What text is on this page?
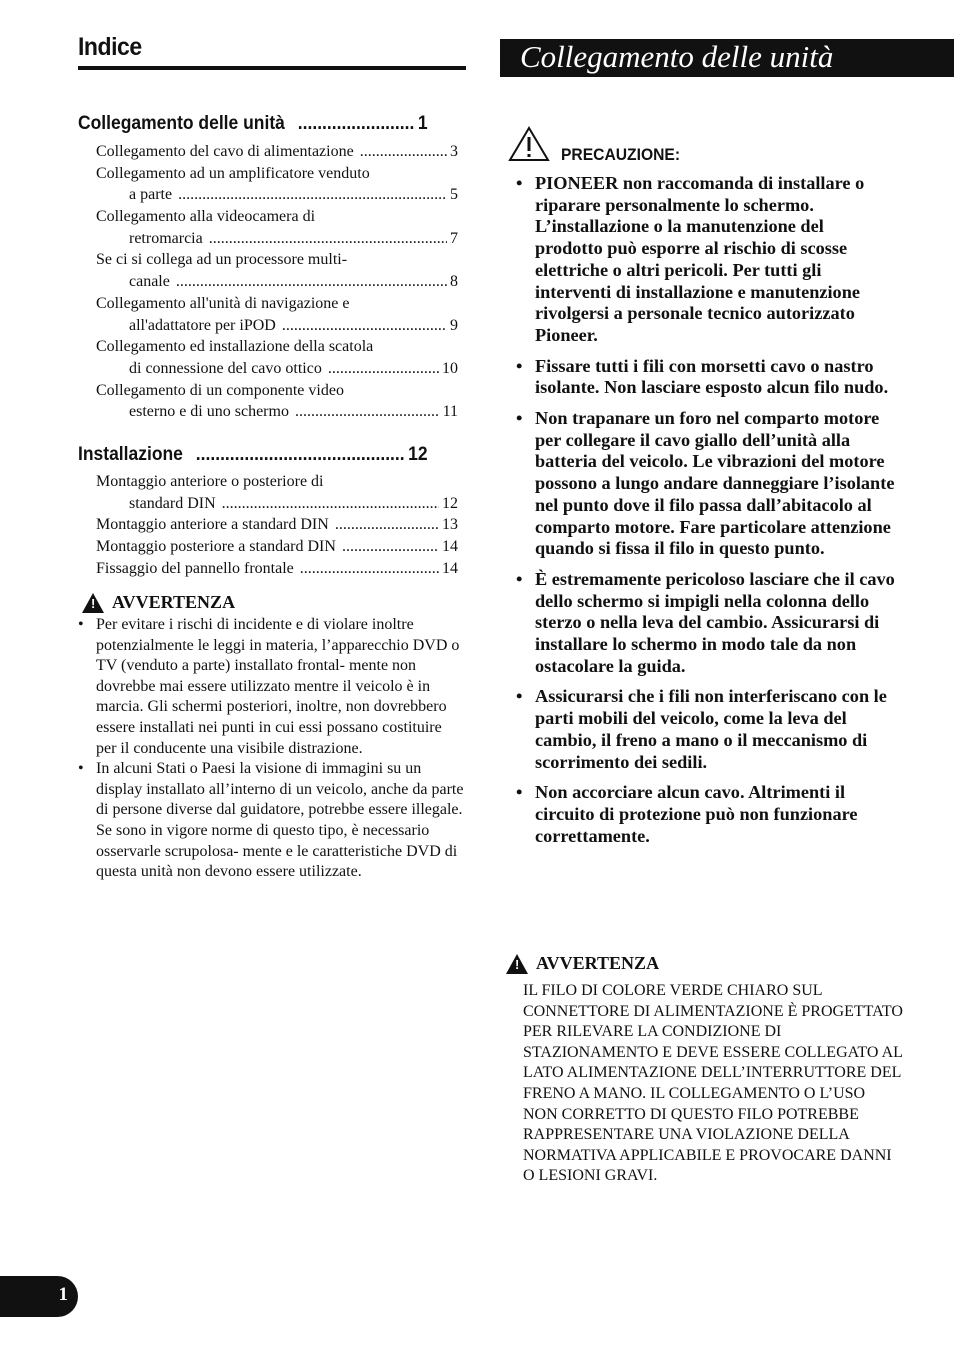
Indice
Collegamento delle unità .....	1
Collegamento del cavo di alimentazione .....	3
Collegamento ad un amplificatore venduto
a parte .....	5
Collegamento alla videocamera di
retromarcia .....	7
Se ci si collega ad un processore multi-
canale .....	8
Collegamento all'unità di navigazione e
all'adattatore per iPOD .....	9
Collegamento ed installazione della scatola
di connessione del cavo ottico .....	10
Collegamento di un componente video
esterno e di uno schermo .....	11
Installazione .....	12
Montaggio anteriore o posteriore di
standard DIN .....	12
Montaggio anteriore a standard DIN .....	13
Montaggio posteriore a standard DIN .....	14
Fissaggio del pannello frontale .....	14
! AVVERTENZA
• Per evitare i rischi di incidente e di violare inoltre potenzialmente le leggi in materia, l’apparecchio DVD o TV (venduto a parte) installato frontal- mente non dovrebbe mai essere utilizzato mentre il veicolo è in marcia. Gli schermi posteriori, inoltre, non dovrebbero essere installati nei punti in cui essi possano costituire per il conducente una visibile distrazione.
• In alcuni Stati o Paesi la visione di immagini su un display installato all’interno di un veicolo, anche da parte di persone diverse dal guidatore, potrebbe essere illegale. Se sono in vigore norme di questo tipo, è necessario osservarle scrupolosa- mente e le caratteristiche DVD di questa unità non devono essere utilizzate.
Collegamento delle unità
PRECAUZIONE:
• PIONEER non raccomanda di installare o riparare personalmente lo schermo. L’installazione o la manutenzione del prodotto può esporre al rischio di scosse elettriche o altri pericoli. Per tutti gli interventi di installazione e manutenzione rivolgersi a personale tecnico autorizzato Pioneer.
• Fissare tutti i fili con morsetti cavo o nastro isolante. Non lasciare esposto alcun filo nudo.
• Non trapanare un foro nel comparto motore per collegare il cavo giallo dell’unità alla batteria del veicolo. Le vibrazioni del motore possono a lungo andare danneggiare l’isolante nel punto dove il filo passa dall’abitacolo al comparto motore. Fare particolare attenzione quando si fissa il filo in questo punto.
• È estremamente pericoloso lasciare che il cavo dello schermo si impigli nella colonna dello sterzo o nella leva del cambio. Assicurarsi di installare lo schermo in modo tale da non ostacolare la guida.
• Assicurarsi che i fili non interferiscano con le parti mobili del veicolo, come la leva del cambio, il freno a mano o il meccanismo di scorrimento dei sedili.
• Non accorciare alcun cavo. Altrimenti il circuito di protezione può non funzionare correttamente.
! AVVERTENZA
IL FILO DI COLORE VERDE CHIARO SUL CONNETTORE DI ALIMENTAZIONE È PROGETTATO PER RILEVARE LA CONDIZIONE DI STAZIONAMENTO E DEVE ESSERE COLLEGATO AL LATO ALIMENTAZIONE DELL’INTERRUTTORE DEL FRENO A MANO. IL COLLEGAMENTO O L’USO NON CORRETTO DI QUESTO FILO POTREBBE RAPPRESENTARE UNA VIOLAZIONE DELLA NORMATIVA APPLICABILE E PROVOCARE DANNI O LESIONI GRAVI.
1
